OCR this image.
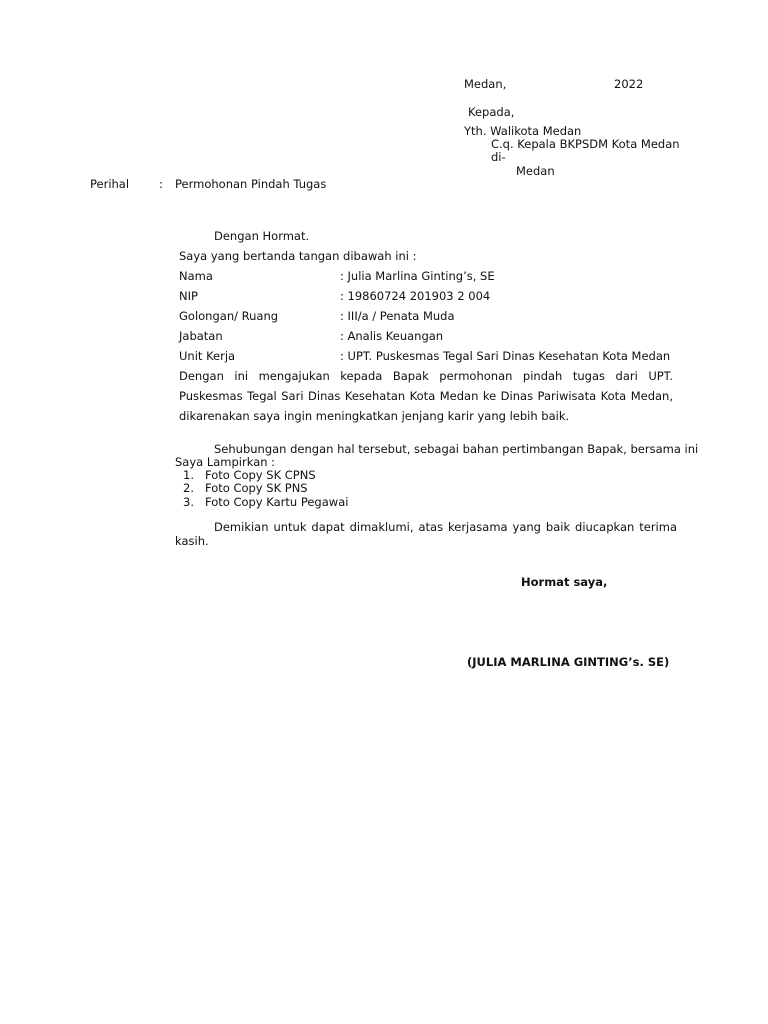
Medan,	2022
Kepada,
Yth. Walikota Medan
C.q. Kepala BKPSDM Kota Medan
di-
Medan
Perihal	: Permohonan Pindah Tugas
Dengan Hormat.
Saya yang bertanda tangan dibawah ini :
Nama	: Julia Marlina Ginting’s, SE
NIP	: 19860724 201903 2 004
Golongan/ Ruang	: III/a / Penata Muda
Jabatan	: Analis Keuangan
Unit Kerja	: UPT. Puskesmas Tegal Sari Dinas Kesehatan Kota Medan
Dengan ini mengajukan kepada Bapak permohonan pindah tugas dari UPT. Puskesmas Tegal Sari Dinas Kesehatan Kota Medan ke Dinas Pariwisata Kota Medan, dikarenakan saya ingin meningkatkan jenjang karir yang lebih baik.
Sehubungan dengan hal tersebut, sebagai bahan pertimbangan Bapak, bersama ini
Saya Lampirkan :
1. Foto Copy SK CPNS
2. Foto Copy SK PNS
3. Foto Copy Kartu Pegawai
Demikian untuk dapat dimaklumi, atas kerjasama yang baik diucapkan terima kasih.
Hormat saya,
(JULIA MARLINA GINTING’s. SE)
